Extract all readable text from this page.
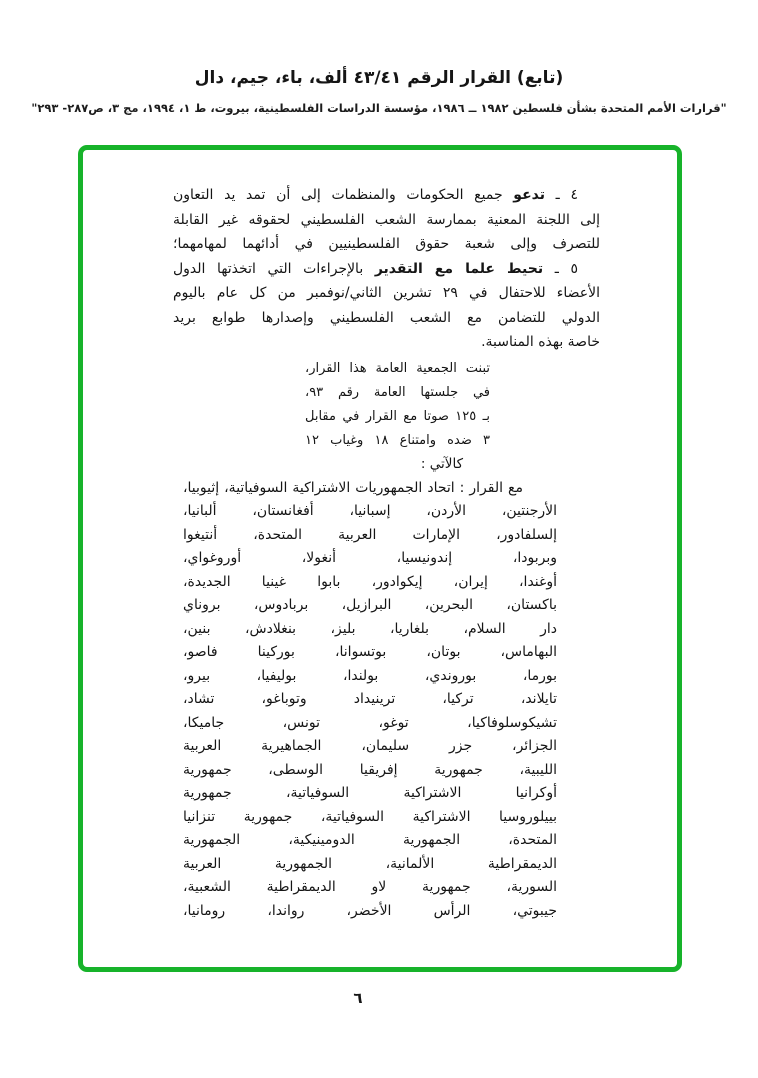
(تابع) القرار الرقم ٤٣/٤١ ألف، باء، جيم، دال
"قرارات الأمم المتحدة بشأن فلسطين ١٩٨٢ ــ ١٩٨٦، مؤسسة الدراسات الفلسطينية، بيروت، ط ١، ١٩٩٤، مج ٣، ص٢٨٧- ٢٩٣"
٤ ـ تدعو جميع الحكومات والمنظمات إلى أن تمد يد التعاون
إلى اللجنة المعنية بممارسة الشعب الفلسطيني لحقوقه غير القابلة
للتصرف وإلى شعبة حقوق الفلسطينيين في أدائهما لمهامهما؛
٥ ـ تحيط علما مع التقدير بالإجراءات التي اتخذتها الدول
الأعضاء للاحتفال في ٢٩ تشرين الثاني/نوفمبر من كل عام باليوم
الدولي للتضامن مع الشعب الفلسطيني وإصدارها طوابع بريد
خاصة بهذه المناسبة.
تبنت الجمعية العامة هذا القرار،
في جلستها العامة رقم ٩٣،
بـ ١٢٥ صوتا مع القرار في مقابل
٣ ضده وامتناع ١٨ وغياب ١٢
كالآتي :
مع القرار : اتحاد الجمهوريات الاشتراكية السوفياتية، إثيوبيا،
الأرجنتين، الأردن، إسبانيا، أفغانستان، ألبانيا،
إلسلفادور، الإمارات العربية المتحدة، أنتيغوا
وبربودا، إندونيسيا، أنغولا، أوروغواي،
أوغندا، إيران، إيكوادور، بابوا غينيا الجديدة،
باكستان، البحرين، البرازيل، بربادوس، بروناي
دار السلام، بلغاريا، بليز، بنغلادش، بنين،
البهاماس، بوتان، بوتسوانا، بوركينا فاصو،
بورما، بوروندي، بولندا، بوليفيا، بيرو،
تايلاند، تركيا، ترينيداد وتوباغو، تشاد،
تشيكوسلوفاكيا، توغو، تونس، جاميكا،
الجزائر، جزر سليمان، الجماهيرية العربية
الليبية، جمهورية إفريقيا الوسطى، جمهورية
أوكرانيا الاشتراكية السوفياتية، جمهورية
بييلوروسيا الاشتراكية السوفياتية، جمهورية تنزانيا
المتحدة، الجمهورية الدومينيكية، الجمهورية
الديمقراطية الألمانية، الجمهورية العربية
السورية، جمهورية لاو الديمقراطية الشعبية،
جيبوتي، الرأس الأخضر، رواندا، رومانيا،
٦
